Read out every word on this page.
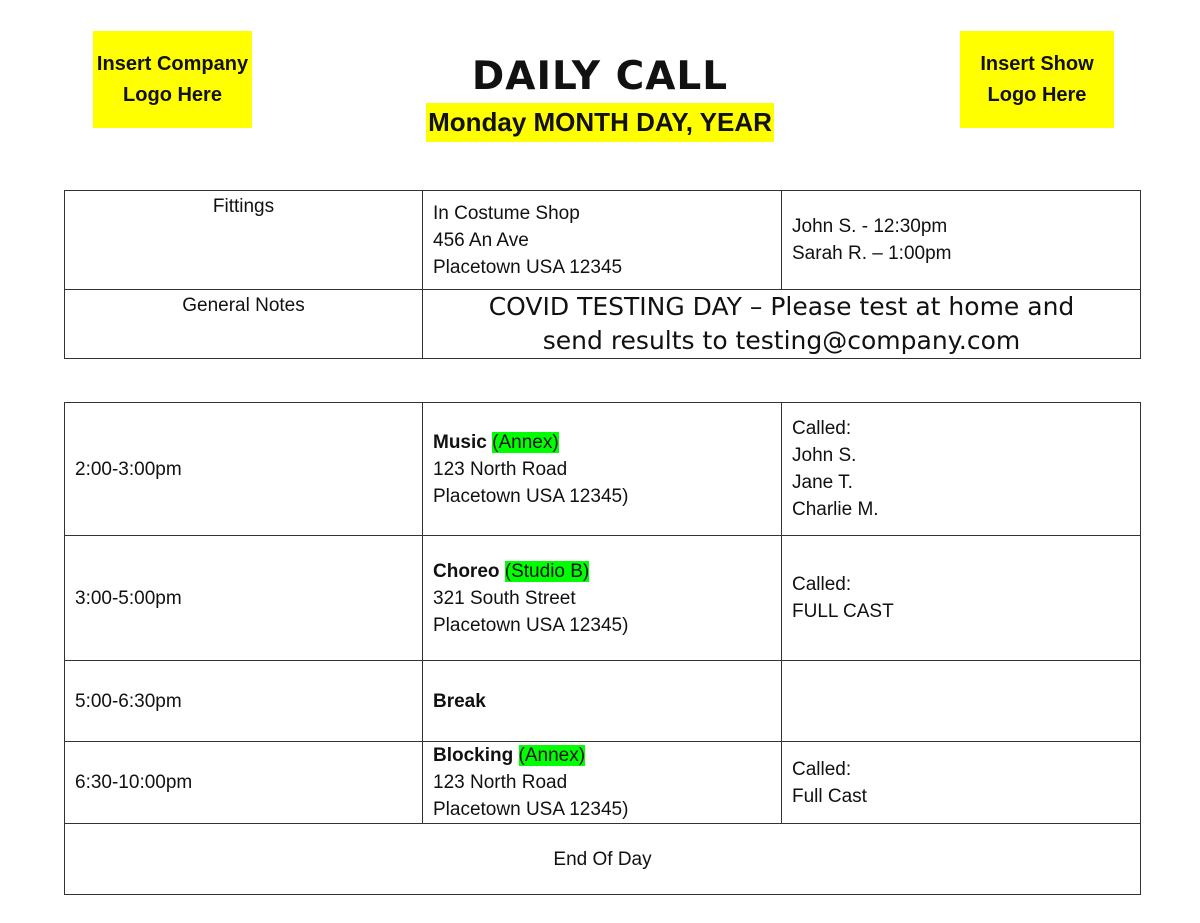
Insert Company
Logo Here
Insert Show
Logo Here
DAILY CALL
Monday MONTH DAY, YEAR
Fittings	In Costume Shop
456 An Ave
Placetown USA 12345	John S. - 12:30pm
Sarah R. – 1:00pm

General Notes	COVID TESTING DAY – Please test at home and
send results to testing@company.com	
2:00-3:00pm	Music (Annex)
123 North Road
Placetown USA 12345)	Called:
John S.
Jane T.
Charlie M.

3:00-5:00pm	Choreo (Studio B)
321 South Street
Placetown USA 12345)	Called:
FULL CAST

5:00-6:30pm	Break	

6:30-10:00pm	Blocking (Annex)
123 North Road
Placetown USA 12345)	Called:
Full Cast

End Of Day		
